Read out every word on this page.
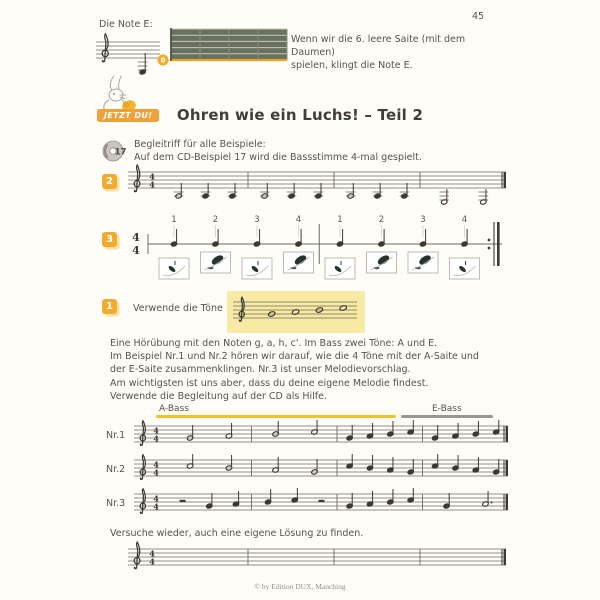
45
Die Note E:
0
Wenn wir die 6. leere Saite (mit dem Daumen)
spielen, klingt die Note E.
JETZT DU!	Ohren wie ein Luchs! – Teil 2
17
Begleitriff für alle Beispiele:
Auf dem CD-Beispiel 17 wird die Bassstimme 4-mal gespielt.
2	4
4
3	4
4
1	2	3	4	1	2	3	4
1	Verwende die Töne
Eine Hörübung mit den Noten g, a, h, c'. Im Bass zwei Töne: A und E.
Im Beispiel Nr.1 und Nr.2 hören wir darauf, wie die 4 Töne mit der A-Saite und
der E-Saite zusammenklingen. Nr.3 ist unser Melodievorschlag.
Am wichtigsten ist uns aber, dass du deine eigene Melodie findest.
Verwende die Begleitung auf der CD als Hilfe.
A-Bass	E-Bass
Nr.1	4
4
Nr.2	4
4
Nr.3	4
4
Versuche wieder, auch eine eigene Lösung zu finden.
4
4
© by Edition DUX, Manching
